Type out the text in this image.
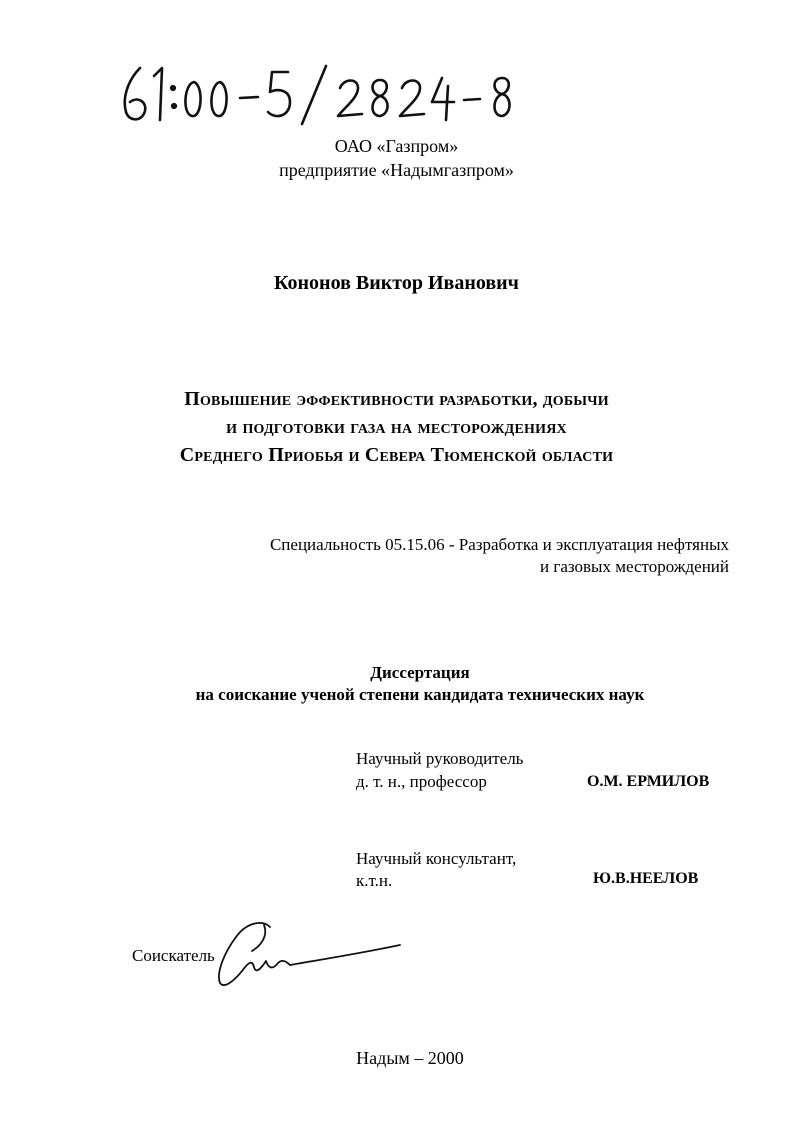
ОАО «Газпром»
предприятие «Надымгазпром»
Кононов Виктор Иванович
Повышение эффективности разработки, добычи
и подготовки газа на месторождениях
Среднего Приобья и Севера Тюменской области
Специальность 05.15.06 - Разработка и эксплуатация нефтяных
и газовых месторождений
Диссертация
на соискание ученой степени кандидата технических наук
Научный руководитель
д. т. н., профессор	О.М. ЕРМИЛОВ
Научный консультант,
к.т.н.	Ю.В.НЕЕЛОВ
Соискатель
Надым – 2000
